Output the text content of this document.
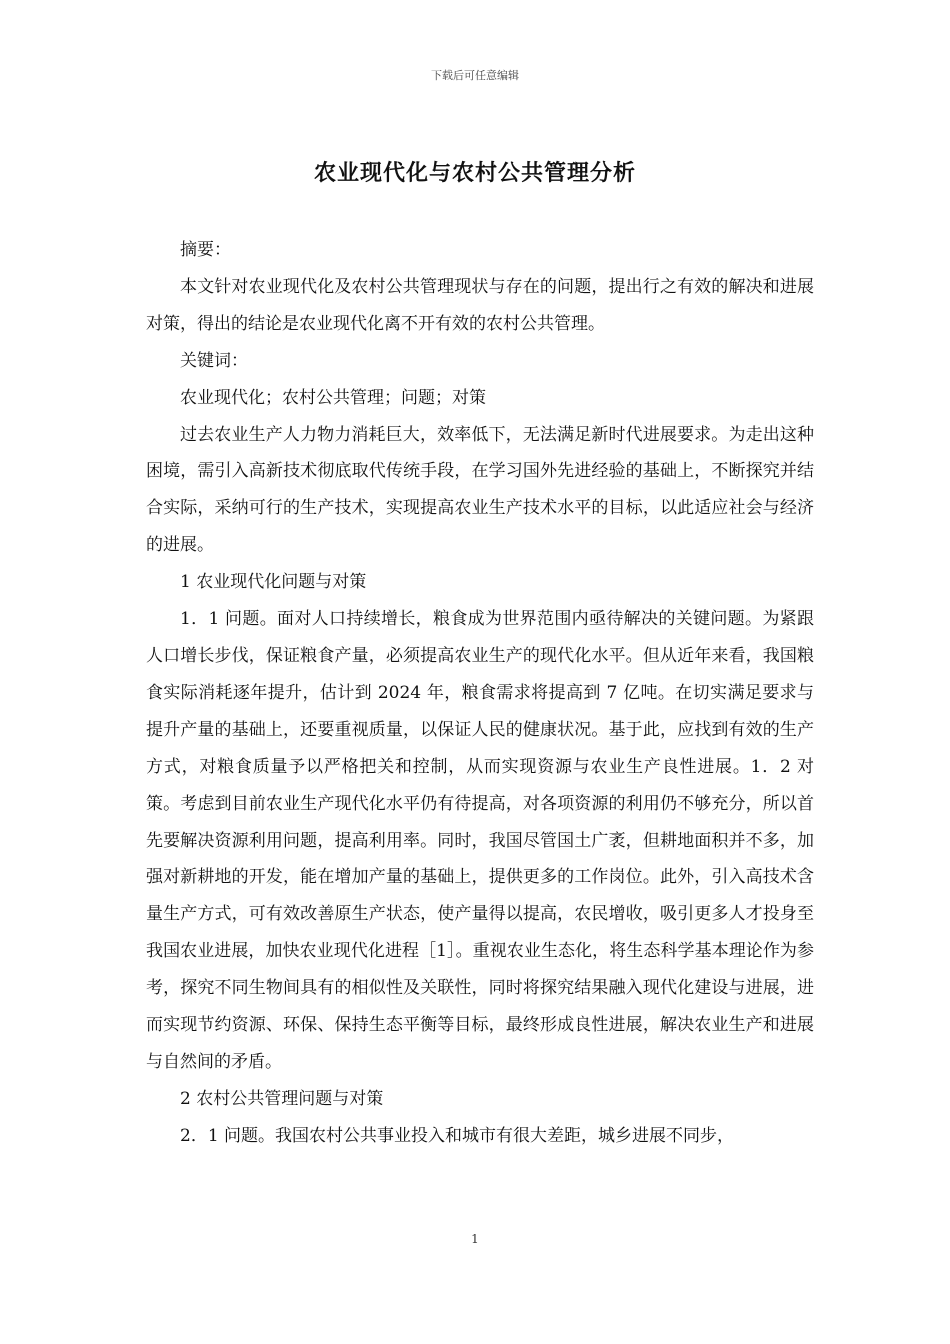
下载后可任意编辑
农业现代化与农村公共管理分析

摘要：

本文针对农业现代化及农村公共管理现状与存在的问题，提出行之有效的解决和进展对策，得出的结论是农业现代化离不开有效的农村公共管理。

关键词：

农业现代化；农村公共管理；问题；对策

过去农业生产人力物力消耗巨大，效率低下，无法满足新时代进展要求。为走出这种困境，需引入高新技术彻底取代传统手段，在学习国外先进经验的基础上，不断探究并结合实际，采纳可行的生产技术，实现提高农业生产技术水平的目标，以此适应社会与经济的进展。

1 农业现代化问题与对策

1．1 问题。面对人口持续增长，粮食成为世界范围内亟待解决的关键问题。为紧跟人口增长步伐，保证粮食产量，必须提高农业生产的现代化水平。但从近年来看，我国粮食实际消耗逐年提升，估计到 2024 年，粮食需求将提高到 7 亿吨。在切实满足要求与提升产量的基础上，还要重视质量，以保证人民的健康状况。基于此，应找到有效的生产方式，对粮食质量予以严格把关和控制，从而实现资源与农业生产良性进展。1．2 对策。考虑到目前农业生产现代化水平仍有待提高，对各项资源的利用仍不够充分，所以首先要解决资源利用问题，提高利用率。同时，我国尽管国土广袤，但耕地面积并不多，加强对新耕地的开发，能在增加产量的基础上，提供更多的工作岗位。此外，引入高技术含量生产方式，可有效改善原生产状态，使产量得以提高，农民增收，吸引更多人才投身至我国农业进展，加快农业现代化进程［1］。重视农业生态化，将生态科学基本理论作为参考，探究不同生物间具有的相似性及关联性，同时将探究结果融入现代化建设与进展，进而实现节约资源、环保、保持生态平衡等目标，最终形成良性进展，解决农业生产和进展与自然间的矛盾。

2 农村公共管理问题与对策

2．1 问题。我国农村公共事业投入和城市有很大差距，城乡进展不同步，

1
